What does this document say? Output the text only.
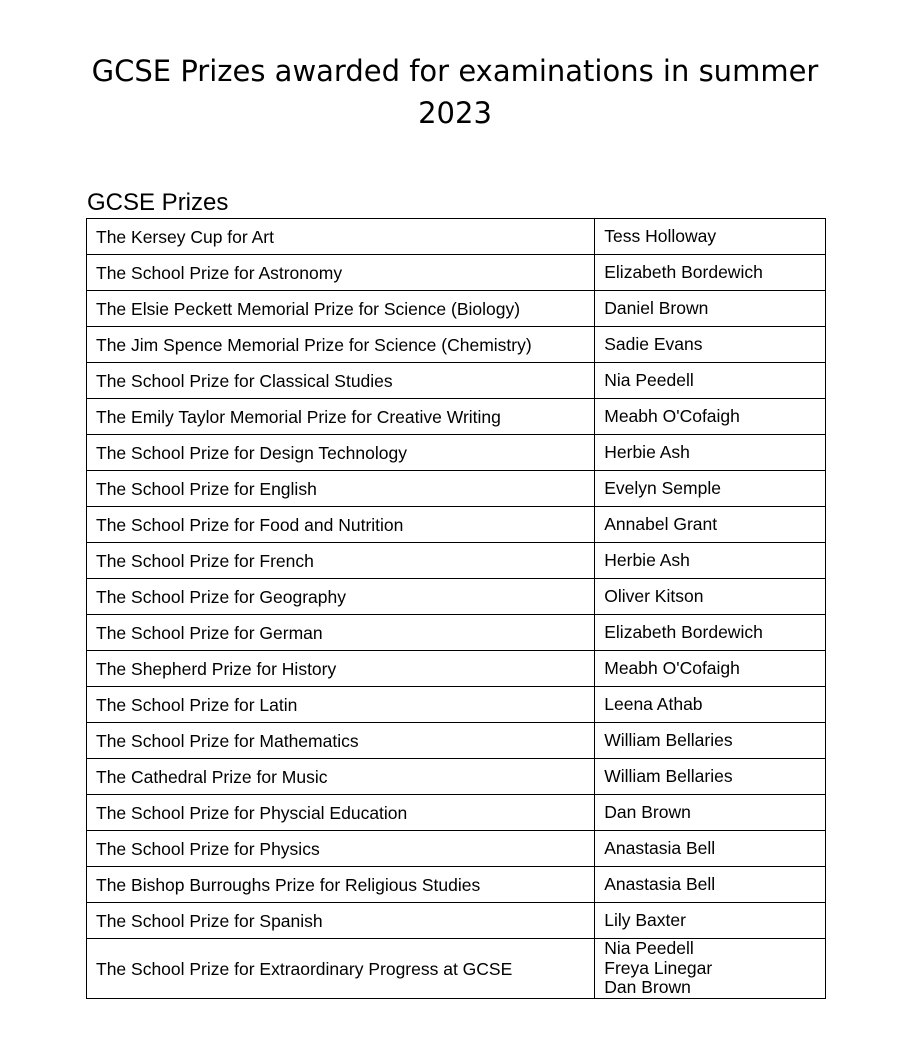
GCSE Prizes awarded for examinations in summer 2023
GCSE Prizes
The Kersey Cup for Art	Tess Holloway

The School Prize for Astronomy	Elizabeth Bordewich

The Elsie Peckett Memorial Prize for Science (Biology)	Daniel Brown

The Jim Spence Memorial Prize for Science (Chemistry)	Sadie Evans

The School Prize for Classical Studies	Nia Peedell

The Emily Taylor Memorial Prize for Creative Writing	Meabh O'Cofaigh

The School Prize for Design Technology	Herbie Ash

The School Prize for English	Evelyn Semple

The School Prize for Food and Nutrition	Annabel Grant

The School Prize for French	Herbie Ash

The School Prize for Geography	Oliver Kitson

The School Prize for German	Elizabeth Bordewich

The Shepherd Prize for History	Meabh O'Cofaigh

The School Prize for Latin	Leena Athab

The School Prize for Mathematics	William Bellaries

The Cathedral Prize for Music	William Bellaries

The School Prize for Physcial Education	Dan Brown

The School Prize for Physics	Anastasia Bell

The Bishop Burroughs Prize for Religious Studies	Anastasia Bell

The School Prize for Spanish	Lily Baxter

The School Prize for Extraordinary Progress at GCSE	Nia Peedell
Freya Linegar
Dan Brown
